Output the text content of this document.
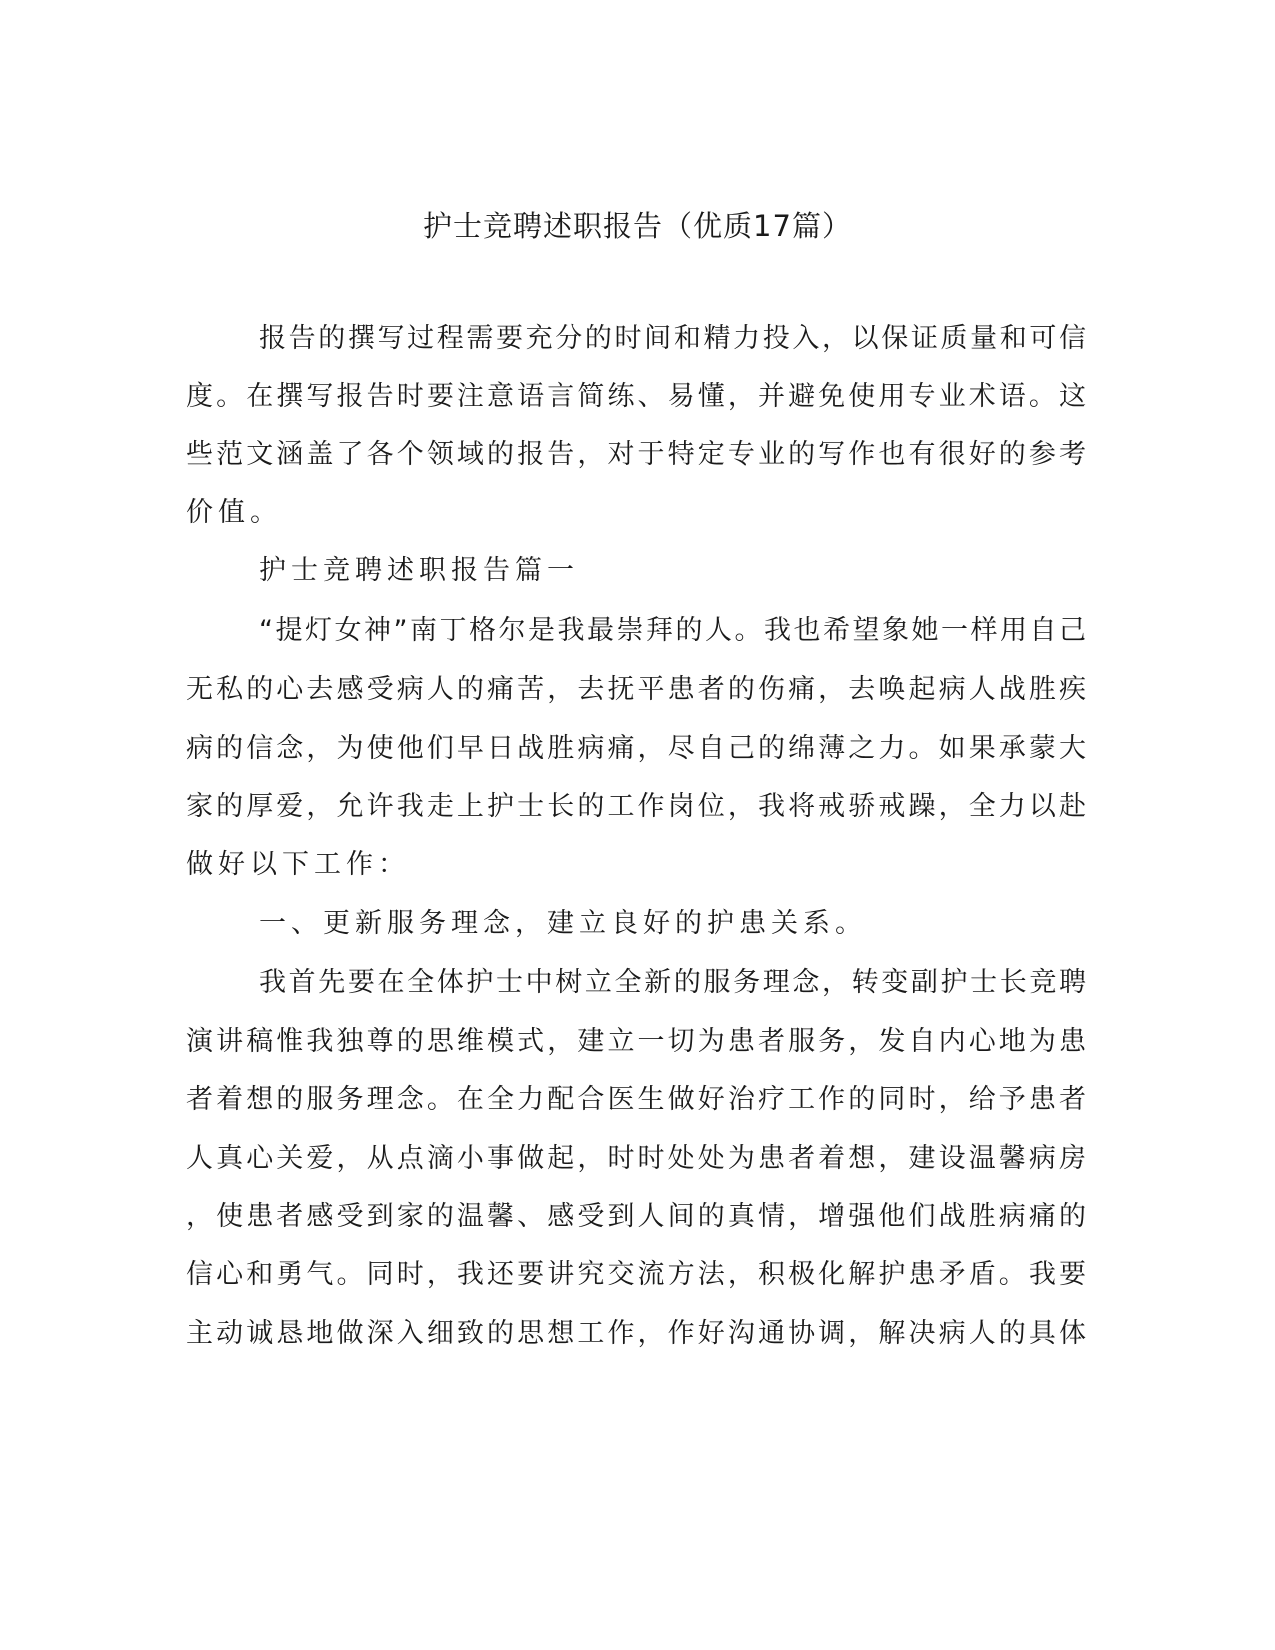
护士竞聘述职报告（优质17篇）
报告的撰写过程需要充分的时间和精力投入，以保证质量和可信
度。在撰写报告时要注意语言简练、易懂，并避免使用专业术语。这
些范文涵盖了各个领域的报告，对于特定专业的写作也有很好的参考
价值。
护士竞聘述职报告篇一
“提灯女神”南丁格尔是我最崇拜的人。我也希望象她一样用自己
无私的心去感受病人的痛苦，去抚平患者的伤痛，去唤起病人战胜疾
病的信念，为使他们早日战胜病痛，尽自己的绵薄之力。如果承蒙大
家的厚爱，允许我走上护士长的工作岗位，我将戒骄戒躁，全力以赴
做好以下工作：
一、更新服务理念，建立良好的护患关系。
我首先要在全体护士中树立全新的服务理念，转变副护士长竞聘
演讲稿惟我独尊的思维模式，建立一切为患者服务，发自内心地为患
者着想的服务理念。在全力配合医生做好治疗工作的同时，给予患者
人真心关爱，从点滴小事做起，时时处处为患者着想，建设温馨病房
，使患者感受到家的温馨、感受到人间的真情，增强他们战胜病痛的
信心和勇气。同时，我还要讲究交流方法，积极化解护患矛盾。我要
主动诚恳地做深入细致的思想工作，作好沟通协调，解决病人的具体
